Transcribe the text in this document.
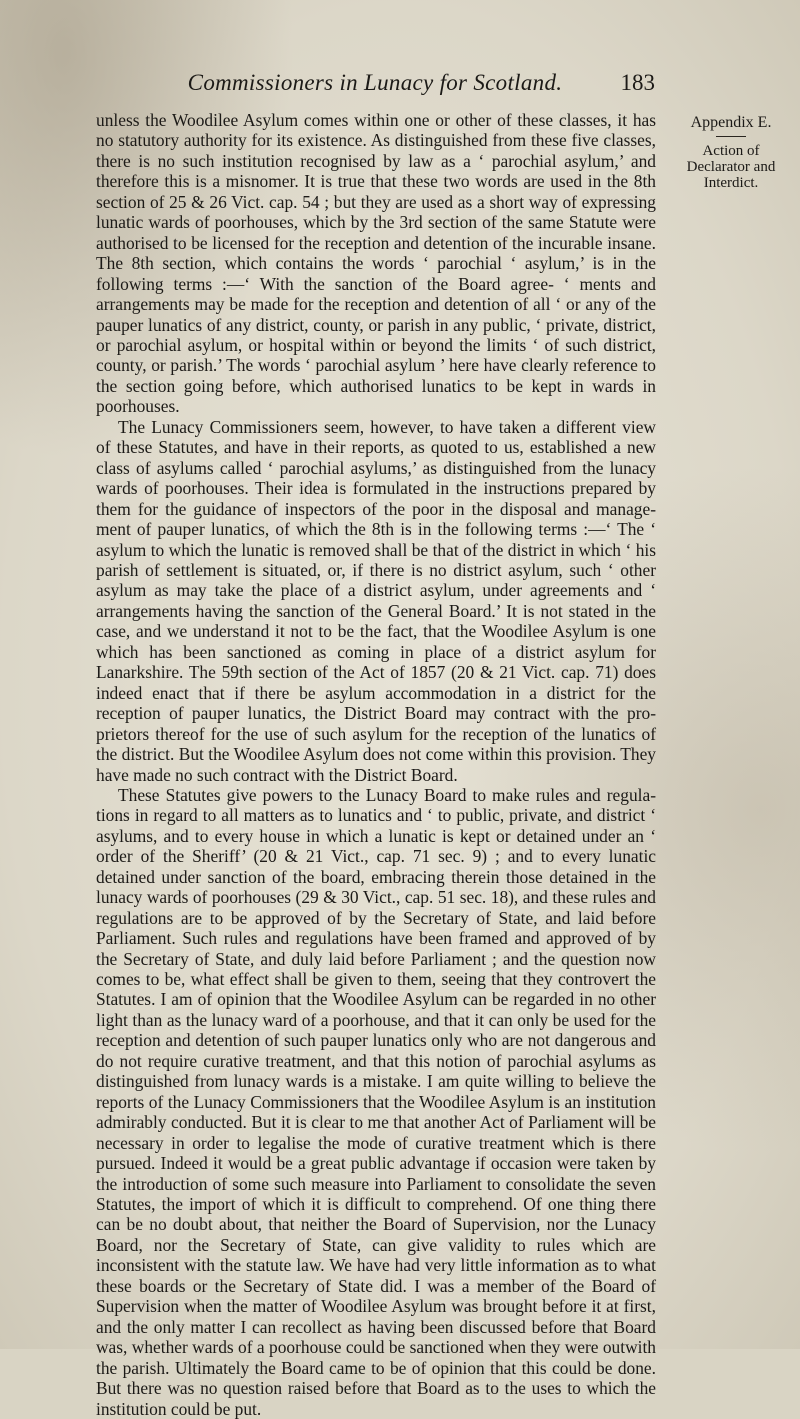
Commissioners in Lunacy for Scotland.	183

unless the Woodilee Asylum comes within one or other of these classes, it has no statutory authority for its existence. As distinguished from these five classes, there is no such institution recognised by law as a ‘ parochial asylum,’ and therefore this is a misnomer. It is true that these two words are used in the 8th section of 25 & 26 Vict. cap. 54 ; but they are used as a short way of expressing lunatic wards of poorhouses, which by the 3rd section of the same Statute were authorised to be licensed for the reception and detention of the incurable insane. The 8th section, which contains the words ‘ parochial ‘ asylum,’ is in the following terms :—‘ With the sanction of the Board agree- ‘ ments and arrangements may be made for the reception and detention of all ‘ or any of the pauper lunatics of any district, county, or parish in any public, ‘ private, district, or parochial asylum, or hospital within or beyond the limits ‘ of such district, county, or parish.’ The words ‘ parochial asylum ’ here have clearly reference to the section going before, which authorised lunatics to be kept in wards in poorhouses.

The Lunacy Commissioners seem, however, to have taken a different view of these Statutes, and have in their reports, as quoted to us, established a new class of asylums called ‘ parochial asylums,’ as distinguished from the lunacy wards of poorhouses. Their idea is formulated in the instructions prepared by them for the guidance of inspectors of the poor in the disposal and manage- ment of pauper lunatics, of which the 8th is in the following terms :—‘ The ‘ asylum to which the lunatic is removed shall be that of the district in which ‘ his parish of settlement is situated, or, if there is no district asylum, such ‘ other asylum as may take the place of a district asylum, under agreements and ‘ arrangements having the sanction of the General Board.’ It is not stated in the case, and we understand it not to be the fact, that the Woodilee Asylum is one which has been sanctioned as coming in place of a district asylum for Lanarkshire. The 59th section of the Act of 1857 (20 & 21 Vict. cap. 71) does indeed enact that if there be asylum accommodation in a district for the reception of pauper lunatics, the District Board may contract with the pro- prietors thereof for the use of such asylum for the reception of the lunatics of the district. But the Woodilee Asylum does not come within this provision. They have made no such contract with the District Board.

These Statutes give powers to the Lunacy Board to make rules and regula- tions in regard to all matters as to lunatics and ‘ to public, private, and district ‘ asylums, and to every house in which a lunatic is kept or detained under an ‘ order of the Sheriff’ (20 & 21 Vict., cap. 71 sec. 9) ; and to every lunatic detained under sanction of the board, embracing therein those detained in the lunacy wards of poorhouses (29 & 30 Vict., cap. 51 sec. 18), and these rules and regulations are to be approved of by the Secretary of State, and laid before Parliament. Such rules and regulations have been framed and approved of by the Secretary of State, and duly laid before Parliament ; and the question now comes to be, what effect shall be given to them, seeing that they controvert the Statutes. I am of opinion that the Woodilee Asylum can be regarded in no other light than as the lunacy ward of a poorhouse, and that it can only be used for the reception and detention of such pauper lunatics only who are not dangerous and do not require curative treatment, and that this notion of parochial asylums as distinguished from lunacy wards is a mistake. I am quite willing to believe the reports of the Lunacy Commissioners that the Woodilee Asylum is an institution admirably conducted. But it is clear to me that another Act of Parliament will be necessary in order to legalise the mode of curative treatment which is there pursued. Indeed it would be a great public advantage if occasion were taken by the introduction of some such measure into Parliament to consolidate the seven Statutes, the import of which it is difficult to comprehend. Of one thing there can be no doubt about, that neither the Board of Supervision, nor the Lunacy Board, nor the Secretary of State, can give validity to rules which are inconsistent with the statute law. We have had very little information as to what these boards or the Secretary of State did. I was a member of the Board of Supervision when the matter of Woodilee Asylum was brought before it at first, and the only matter I can recollect as having been discussed before that Board was, whether wards of a poorhouse could be sanctioned when they were outwith the parish. Ultimately the Board came to be of opinion that this could be done. But there was no question raised before that Board as to the uses to which the institution could be put.

Appendix E.
Action of Declarator and Interdict.
